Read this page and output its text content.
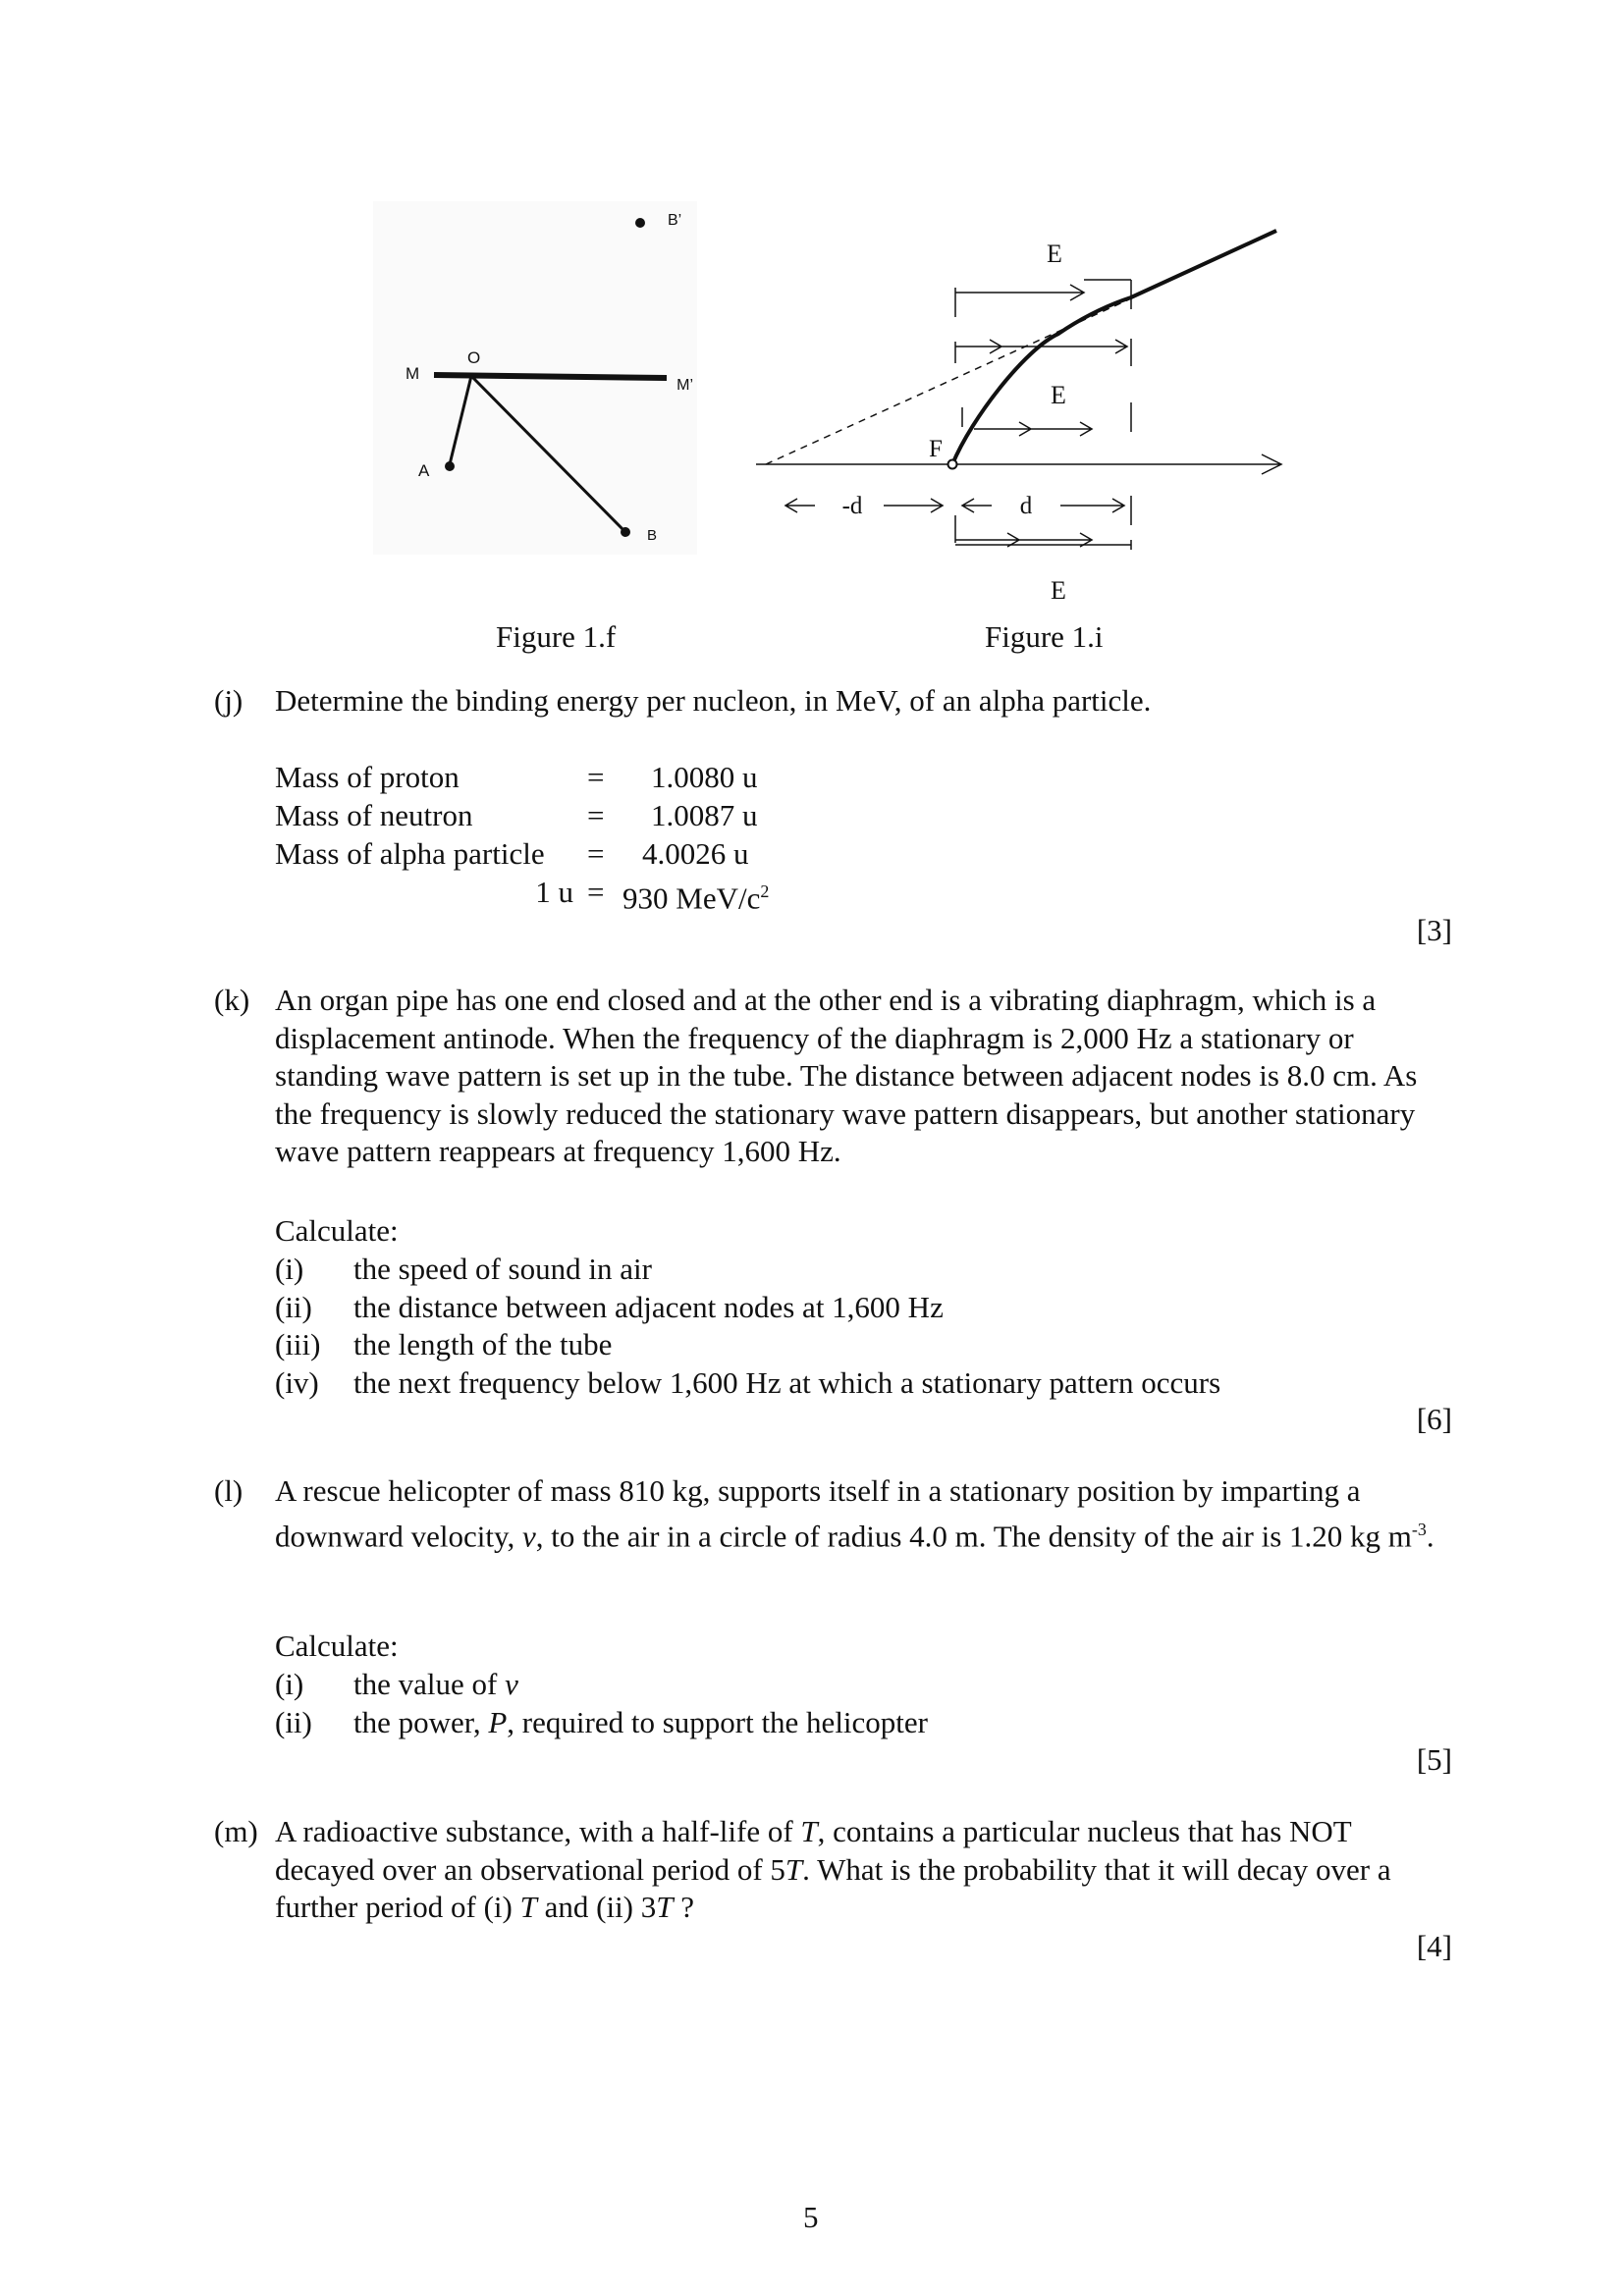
B’
O
M
M’
A
B
E
E
F
-d	d
E
Figure 1.f	Figure 1.i
(j) Determine the binding energy per nucleon, in MeV, of an alpha particle.
Mass of proton	=	1.0080 u
Mass of neutron	=	1.0087 u
Mass of alpha particle	=	4.0026 u
1 u = 930 MeV/$c^2$
[3]
(k) An organ pipe has one end closed and at the other end is a vibrating diaphragm, which is a displacement antinode. When the frequency of the diaphragm is 2,000 Hz a stationary or standing wave pattern is set up in the tube. The distance between adjacent nodes is 8.0 cm. As the frequency is slowly reduced the stationary wave pattern disappears, but another stationary wave pattern reappears at frequency 1,600 Hz.
Calculate:
(i)	the speed of sound in air
(ii)	the distance between adjacent nodes at 1,600 Hz
(iii)	the length of the tube
(iv)	the next frequency below 1,600 Hz at which a stationary pattern occurs
[6]
(l) A rescue helicopter of mass 810 kg, supports itself in a stationary position by imparting a downward velocity, v, to the air in a circle of radius 4.0 m. The density of the air is 1.20 kg $m^{-3}$.
Calculate:
(i)	the value of v
(ii)	the power, P, required to support the helicopter
[5]
(m) A radioactive substance, with a half-life of T, contains a particular nucleus that has NOT decayed over an observational period of 5T. What is the probability that it will decay over a further period of (i) T and (ii) 3T ?
[4]
5
